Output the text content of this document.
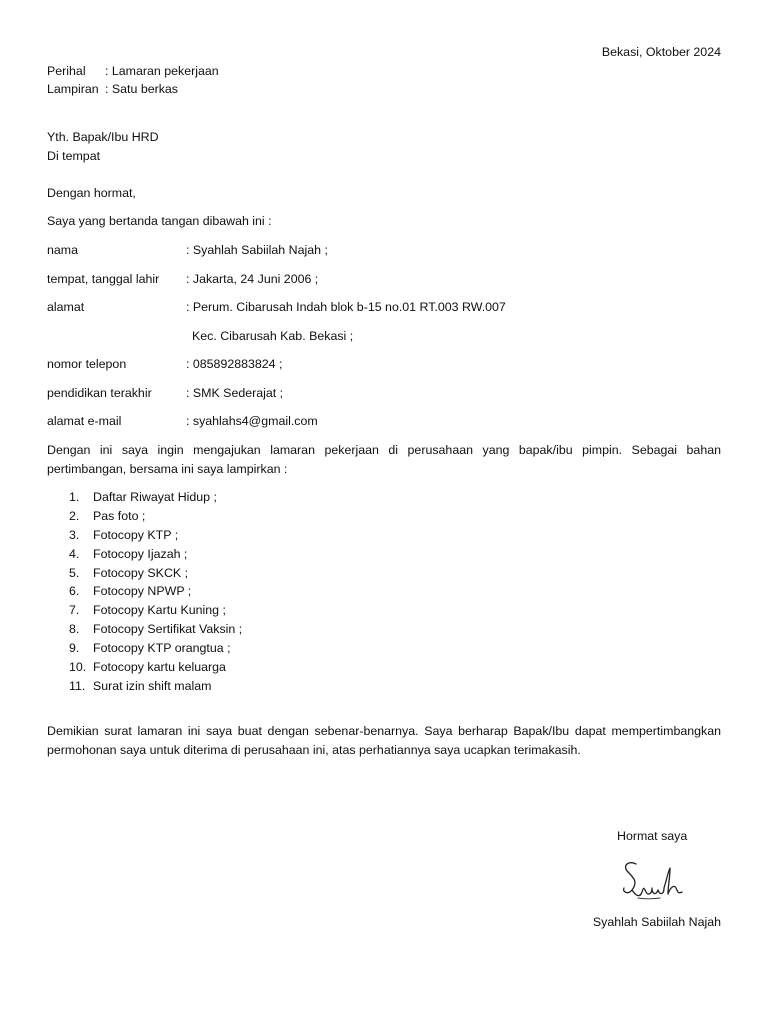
Bekasi, Oktober 2024
Perihal : Lamaran pekerjaan
Lampiran : Satu berkas
Yth. Bapak/Ibu HRD
Di tempat
Dengan hormat,
Saya yang bertanda tangan dibawah ini :
nama	: Syahlah Sabiilah Najah ;
tempat, tanggal lahir : Jakarta, 24 Juni 2006 ;
alamat	: Perum. Cibarusah Indah blok b-15 no.01 RT.003 RW.007
Kec. Cibarusah Kab. Bekasi ;
nomor telepon	: 085892883824 ;
pendidikan terakhir	: SMK Sederajat ;
alamat e-mail	: syahlahs4@gmail.com
Dengan ini saya ingin mengajukan lamaran pekerjaan di perusahaan yang bapak/ibu pimpin. Sebagai bahan pertimbangan, bersama ini saya lampirkan :
1. Daftar Riwayat Hidup ;
2. Pas foto ;
3. Fotocopy KTP ;
4. Fotocopy Ijazah ;
5. Fotocopy SKCK ;
6. Fotocopy NPWP ;
7. Fotocopy Kartu Kuning ;
8. Fotocopy Sertifikat Vaksin ;
9. Fotocopy KTP orangtua ;
10. Fotocopy kartu keluarga
11. Surat izin shift malam
Demikian surat lamaran ini saya buat dengan sebenar-benarnya. Saya berharap Bapak/Ibu dapat mempertimbangkan permohonan saya untuk diterima di perusahaan ini, atas perhatiannya saya ucapkan terimakasih.
Hormat saya
Syahlah Sabiilah Najah
